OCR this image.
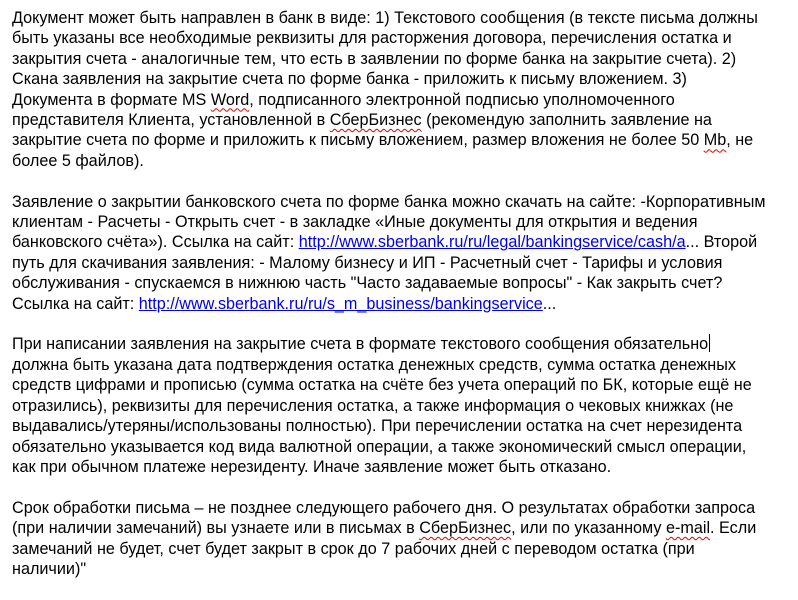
Документ может быть направлен в банк в виде: 1) Текстового сообщения (в тексте письма должны
быть указаны все необходимые реквизиты для расторжения договора, перечисления остатка и
закрытия счета - аналогичные тем, что есть в заявлении по форме банка на закрытие счета). 2)
Скана заявления на закрытие счета по форме банка - приложить к письму вложением. 3)
Документа в формате MS Word, подписанного электронной подписью уполномоченного
представителя Клиента, установленной в СберБизнес (рекомендую заполнить заявление на
закрытие счета по форме и приложить к письму вложением, размер вложения не более 50 Mb, не
более 5 файлов).

Заявление о закрытии банковского счета по форме банка можно скачать на сайте: -Корпоративным
клиентам - Расчеты - Открыть счет - в закладке «Иные документы для открытия и ведения
банковского счёта»). Ссылка на сайт: http://www.sberbank.ru/ru/legal/bankingservice/cash/a... Второй
путь для скачивания заявления: - Малому бизнесу и ИП - Расчетный счет - Тарифы и условия
обслуживания - спускаемся в нижнюю часть "Часто задаваемые вопросы" - Как закрыть счет?
Ссылка на сайт: http://www.sberbank.ru/ru/s_m_business/bankingservice...

При написании заявления на закрытие счета в формате текстового сообщения обязательно
должна быть указана дата подтверждения остатка денежных средств, сумма остатка денежных
средств цифрами и прописью (сумма остатка на счёте без учета операций по БК, которые ещё не
отразились), реквизиты для перечисления остатка, а также информация о чековых книжках (не
выдавались/утеряны/использованы полностью). При перечислении остатка на счет нерезидента
обязательно указывается код вида валютной операции, а также экономический смысл операции,
как при обычном платеже нерезиденту. Иначе заявление может быть отказано.

Срок обработки письма – не позднее следующего рабочего дня. О результатах обработки запроса
(при наличии замечаний) вы узнаете или в письмах в СберБизнес, или по указанному e-mail. Если
замечаний не будет, счет будет закрыт в срок до 7 рабочих дней с переводом остатка (при
наличии)"
